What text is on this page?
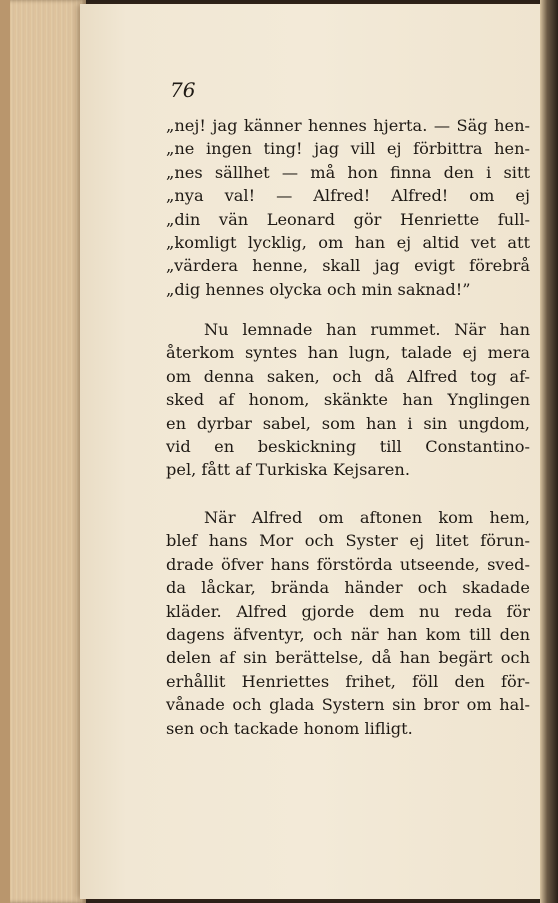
76
„nej! jag känner hennes hjerta. — Säg hen-
„ne ingen ting! jag vill ej förbittra hen-
„nes sällhet — må hon finna den i sitt
„nya val! — Alfred! Alfred! om ej
„din vän Leonard gör Henriette full-
„komligt lycklig, om han ej altid vet att
„värdera henne, skall jag evigt förebrå
„dig hennes olycka och min saknad!”
Nu lemnade han rummet. När han
återkom syntes han lugn, talade ej mera
om denna saken, och då Alfred tog af-
sked af honom, skänkte han Ynglingen
en dyrbar sabel, som han i sin ungdom,
vid en beskickning till Constantino-
pel, fått af Turkiska Kejsaren.
När Alfred om aftonen kom hem,
blef hans Mor och Syster ej litet förun-
drade öfver hans förstörda utseende, sved-
da låckar, brända händer och skadade
kläder. Alfred gjorde dem nu reda för
dagens äfventyr, och när han kom till den
delen af sin berättelse, då han begärt och
erhållit Henriettes frihet, föll den för-
vånade och glada Systern sin bror om hal-
sen och tackade honom lifligt.
